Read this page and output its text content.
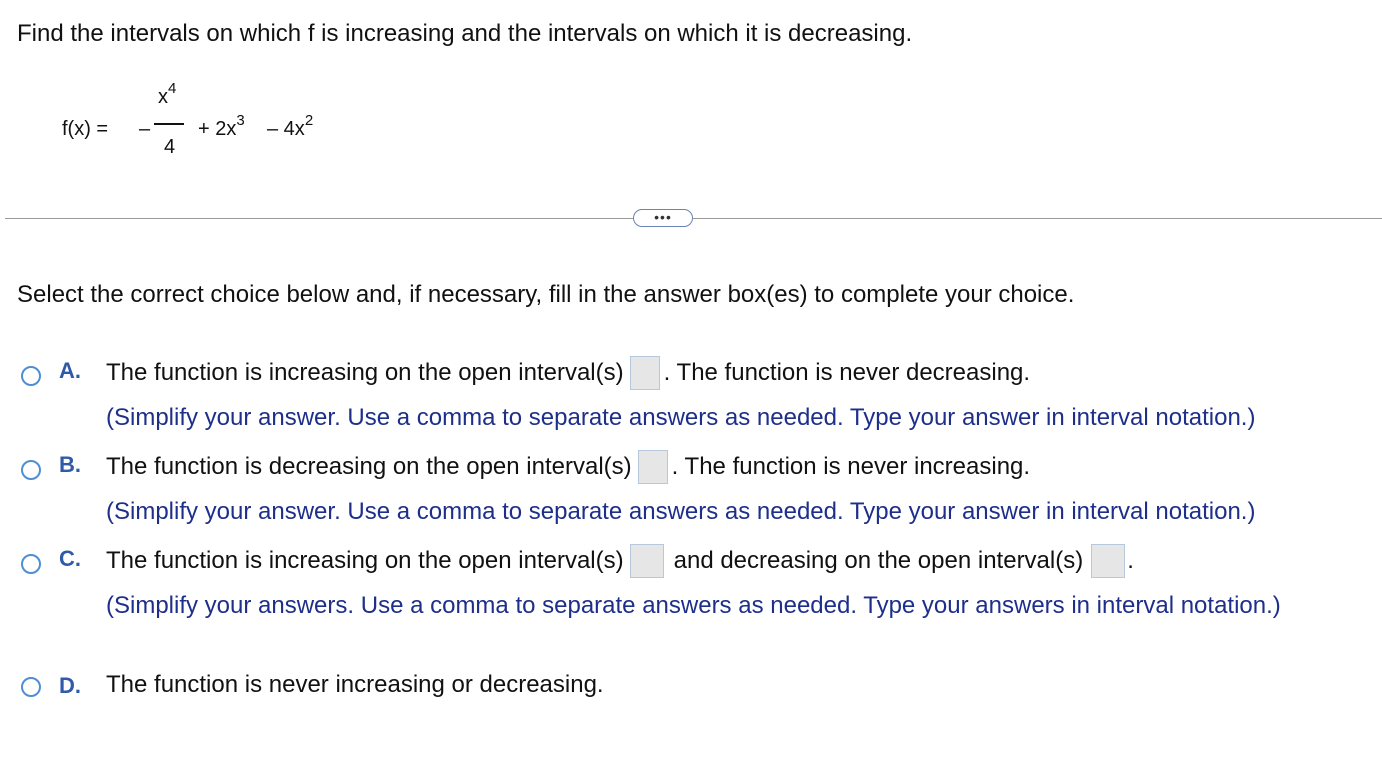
Find the intervals on which f is increasing and the intervals on which it is decreasing.
f(x) = –
$x^4$
4
+ $2x^3 - 4x^2$
•••
Select the correct choice below and, if necessary, fill in the answer box(es) to complete your choice.
A. The function is increasing on the open interval(s) . The function is never decreasing.
(Simplify your answer. Use a comma to separate answers as needed. Type your answer in interval notation.)
B. The function is decreasing on the open interval(s) . The function is never increasing.
(Simplify your answer. Use a comma to separate answers as needed. Type your answer in interval notation.)
C. The function is increasing on the open interval(s) and decreasing on the open interval(s) .
(Simplify your answers. Use a comma to separate answers as needed. Type your answers in interval notation.)
D. The function is never increasing or decreasing.
